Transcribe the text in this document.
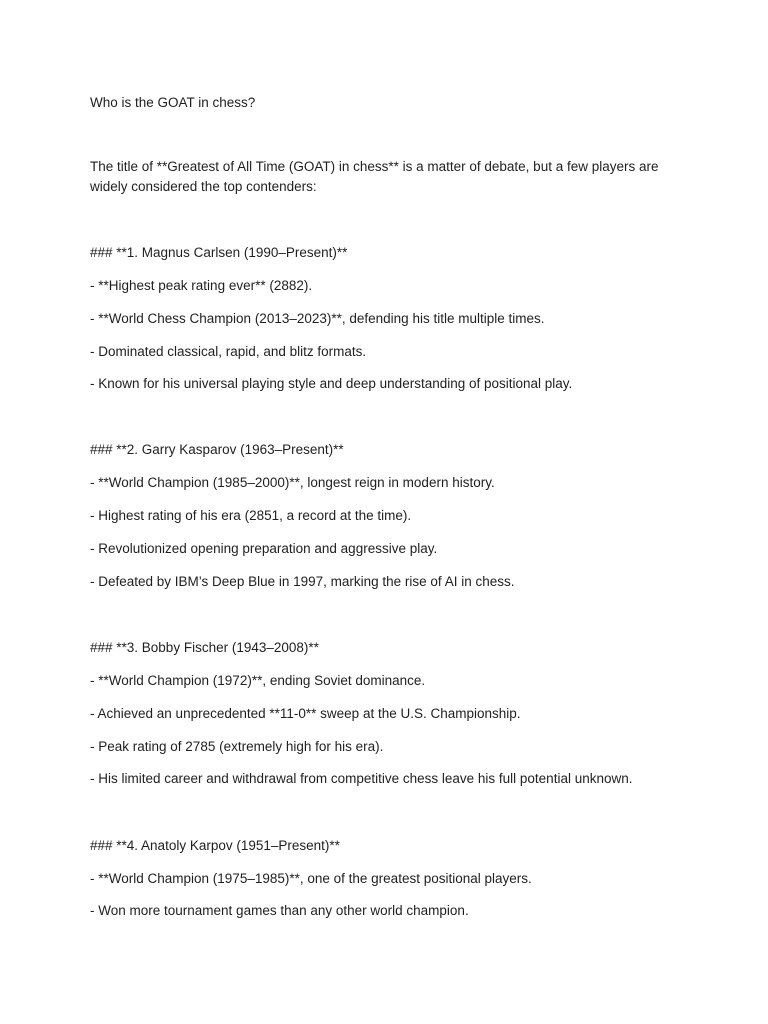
Who is the GOAT in chess?
The title of **Greatest of All Time (GOAT) in chess** is a matter of debate, but a few players are widely considered the top contenders:
### **1. Magnus Carlsen (1990–Present)**
- **Highest peak rating ever** (2882).
- **World Chess Champion (2013–2023)**, defending his title multiple times.
- Dominated classical, rapid, and blitz formats.
- Known for his universal playing style and deep understanding of positional play.
### **2. Garry Kasparov (1963–Present)**
- **World Champion (1985–2000)**, longest reign in modern history.
- Highest rating of his era (2851, a record at the time).
- Revolutionized opening preparation and aggressive play.
- Defeated by IBM’s Deep Blue in 1997, marking the rise of AI in chess.
### **3. Bobby Fischer (1943–2008)**
- **World Champion (1972)**, ending Soviet dominance.
- Achieved an unprecedented **11-0** sweep at the U.S. Championship.
- Peak rating of 2785 (extremely high for his era).
- His limited career and withdrawal from competitive chess leave his full potential unknown.
### **4. Anatoly Karpov (1951–Present)**
- **World Champion (1975–1985)**, one of the greatest positional players.
- Won more tournament games than any other world champion.
